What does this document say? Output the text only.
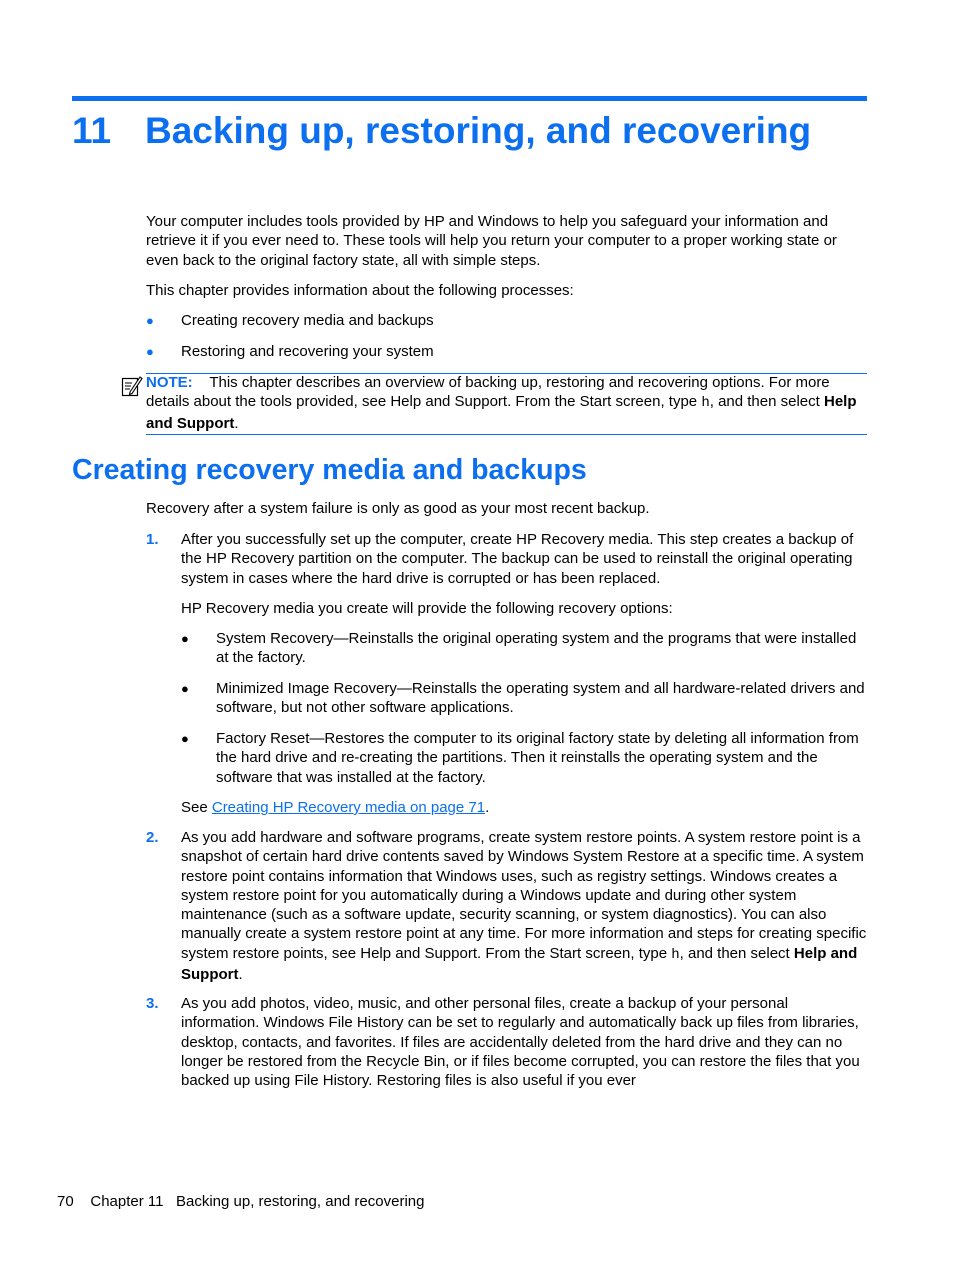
11 Backing up, restoring, and recovering
Your computer includes tools provided by HP and Windows to help you safeguard your information and retrieve it if you ever need to. These tools will help you return your computer to a proper working state or even back to the original factory state, all with simple steps.
This chapter provides information about the following processes:
● Creating recovery media and backups
● Restoring and recovering your system
NOTE: This chapter describes an overview of backing up, restoring and recovering options. For more details about the tools provided, see Help and Support. From the Start screen, type h, and then select Help and Support.
Creating recovery media and backups
Recovery after a system failure is only as good as your most recent backup.
1. After you successfully set up the computer, create HP Recovery media. This step creates a backup of the HP Recovery partition on the computer. The backup can be used to reinstall the original operating system in cases where the hard drive is corrupted or has been replaced.
HP Recovery media you create will provide the following recovery options:
● System Recovery—Reinstalls the original operating system and the programs that were installed at the factory.
● Minimized Image Recovery—Reinstalls the operating system and all hardware-related drivers and software, but not other software applications.
● Factory Reset—Restores the computer to its original factory state by deleting all information from the hard drive and re-creating the partitions. Then it reinstalls the operating system and the software that was installed at the factory.
See Creating HP Recovery media on page 71.
2. As you add hardware and software programs, create system restore points. A system restore point is a snapshot of certain hard drive contents saved by Windows System Restore at a specific time. A system restore point contains information that Windows uses, such as registry settings. Windows creates a system restore point for you automatically during a Windows update and during other system maintenance (such as a software update, security scanning, or system diagnostics). You can also manually create a system restore point at any time. For more information and steps for creating specific system restore points, see Help and Support. From the Start screen, type h, and then select Help and Support.
3. As you add photos, video, music, and other personal files, create a backup of your personal information. Windows File History can be set to regularly and automatically back up files from libraries, desktop, contacts, and favorites. If files are accidentally deleted from the hard drive and they can no longer be restored from the Recycle Bin, or if files become corrupted, you can restore the files that you backed up using File History. Restoring files is also useful if you ever
70 Chapter 11 Backing up, restoring, and recovering
